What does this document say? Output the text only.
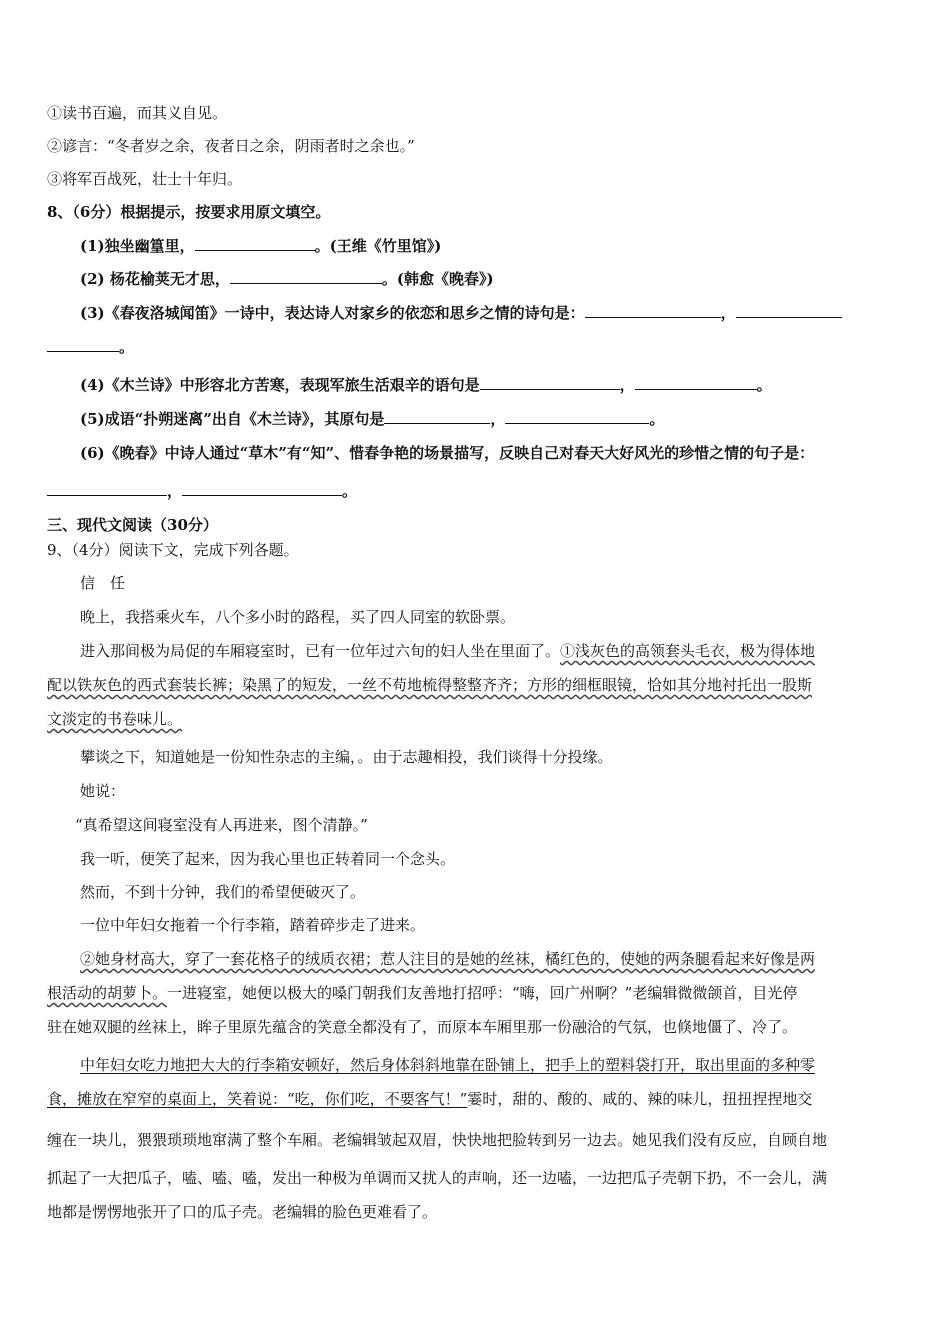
①读书百遍，而其义自见。
②谚言：“冬者岁之余，夜者日之余，阴雨者时之余也。”
③将军百战死，壮士十年归。
8、（6分）根据提示，按要求用原文填空。
(1)独坐幽篁里，	。(王维《竹里馆》)
(2) 杨花榆荚无才思，	。(韩愈《晚春》)
(3)《春夜洛城闻笛》一诗中，表达诗人对家乡的依恋和思乡之情的诗句是：	，
。
(4)《木兰诗》中形容北方苦寒，表现军旅生活艰辛的语句是	，	。
(5)成语“扑朔迷离”出自《木兰诗》，其原句是	，	。
(6)《晚春》中诗人通过“草木”有“知”、惜春争艳的场景描写，反映自己对春天大好风光的珍惜之情的句子是：
，	。
三、现代文阅读（30分）
9、（4分）阅读下文，完成下列各题。
信　任
晚上，我搭乘火车，八个多小时的路程，买了四人同室的软卧票。
进入那间极为局促的车厢寝室时，已有一位年过六旬的妇人坐在里面了。①浅灰色的高领套头毛衣，极为得体地
配以铁灰色的西式套装长裤；染黑了的短发，一丝不苟地梳得整整齐齐；方形的细框眼镜，恰如其分地衬托出一股斯
文淡定的书卷味儿。
攀谈之下，知道她是一份知性杂志的主编，。由于志趣相投，我们谈得十分投缘。
她说：
“真希望这间寝室没有人再进来，图个清静。”
我一听，便笑了起来，因为我心里也正转着同一个念头。
然而，不到十分钟，我们的希望便破灭了。
一位中年妇女拖着一个行李箱，踏着碎步走了进来。
②她身材高大，穿了一套花格子的绒质衣裙；惹人注目的是她的丝袜，橘红色的，使她的两条腿看起来好像是两
根活动的胡萝卜。一进寝室，她便以极大的嗓门朝我们友善地打招呼：“嗨，回广州啊？”老编辑微微颌首，目光停
驻在她双腿的丝袜上，眸子里原先蕴含的笑意全都没有了，而原本车厢里那一份融洽的气氛，也倏地僵了、冷了。
中年妇女吃力地把大大的行李箱安顿好，然后身体斜斜地靠在卧铺上，把手上的塑料袋打开，取出里面的多种零
食，摊放在窄窄的桌面上，笑着说：“吃，你们吃，不要客气！”霎时，甜的、酸的、咸的、辣的味儿，扭扭捏捏地交
缠在一块儿，猥猥琐琐地窜满了整个车厢。老编辑皱起双眉，快快地把脸转到另一边去。她见我们没有反应，自顾自地
抓起了一大把瓜子，嗑、嗑、嗑，发出一种极为单调而又扰人的声响，还一边嗑，一边把瓜子壳朝下扔，不一会儿，满
地都是愣愣地张开了口的瓜子壳。老编辑的脸色更难看了。
